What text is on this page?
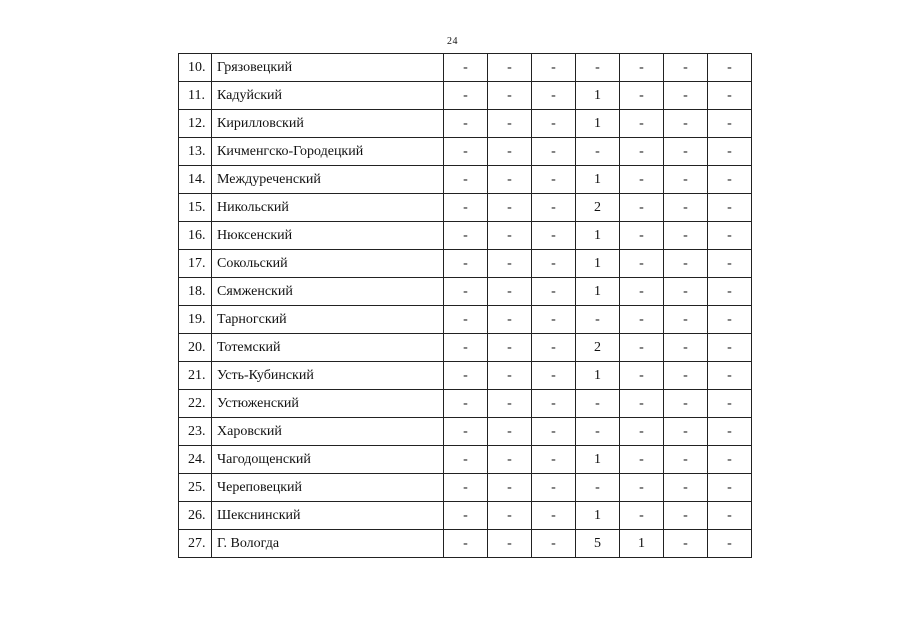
24
10.	Грязовецкий	-	-	-	-	-	-	-
11.	Кадуйский	-	-	-	1	-	-	-
12.	Кирилловский	-	-	-	1	-	-	-
13.	Кичменгско-Городецкий	-	-	-	-	-	-	-
14.	Междуреченский	-	-	-	1	-	-	-
15.	Никольский	-	-	-	2	-	-	-
16.	Нюксенский	-	-	-	1	-	-	-
17.	Сокольский	-	-	-	1	-	-	-
18.	Сямженский	-	-	-	1	-	-	-
19.	Тарногский	-	-	-	-	-	-	-
20.	Тотемский	-	-	-	2	-	-	-
21.	Усть-Кубинский	-	-	-	1	-	-	-
22.	Устюженский	-	-	-	-	-	-	-
23.	Харовский	-	-	-	-	-	-	-
24.	Чагодощенский	-	-	-	1	-	-	-
25.	Череповецкий	-	-	-	-	-	-	-
26.	Шекснинский	-	-	-	1	-	-	-
27.	Г. Вологда	-	-	-	5	1	-	-
